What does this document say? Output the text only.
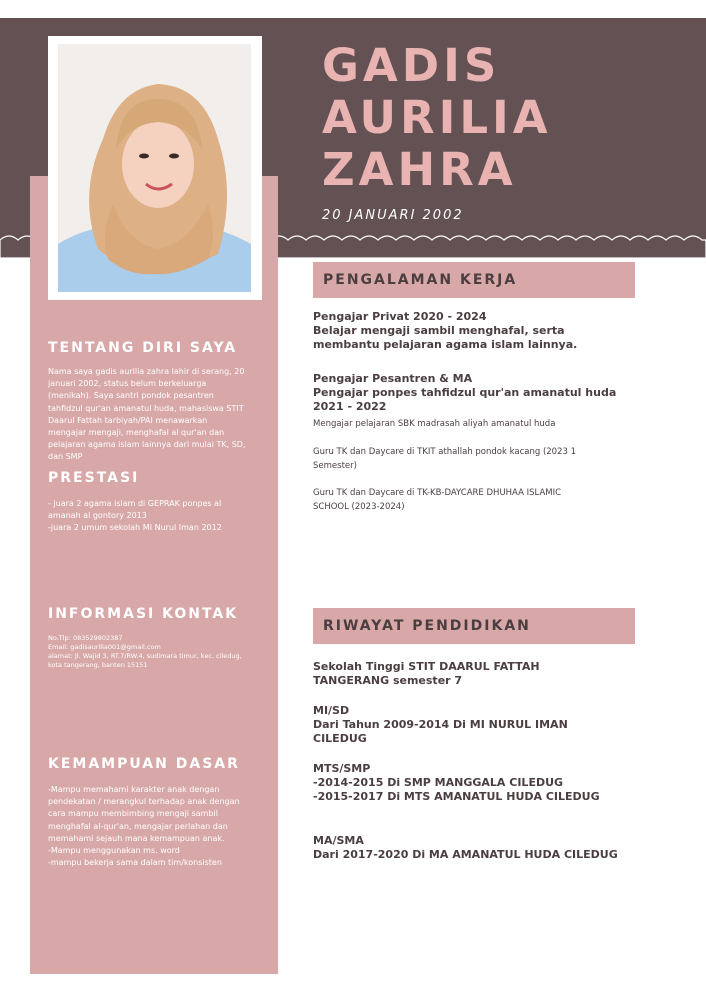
GADIS
AURILIA
ZAHRA
20 JANUARI 2002
TENTANG DIRI SAYA

Nama saya gadis aurilia zahra lahir di serang, 20
januari 2002, status belum berkeluarga
(menikah). Saya santri pondok pesantren
tahfidzul qur'an amanatul huda, mahasiswa STIT
Daarul Fattah tarbiyah/PAI menawarkan
mengajar mengaji, menghafal al qur'an dan
pelajaran agama islam lainnya dari mulai TK, SD,
dan SMP

PRESTASI

- juara 2 agama islam di GEPRAK ponpes al
amanah al gontory 2013
-juara 2 umum sekolah MI Nurul Iman 2012

INFORMASI KONTAK

No.Tlp: 083529802387
Email: gadisaurilia001@gmail.com
alamat: Jl. Wajid 3, RT.7/RW.4, sudimara timur, kec. ciledug,
kota tangerang, banten 15151

KEMAMPUAN DASAR

-Mampu memahami karakter anak dengan
pendekatan / merangkul terhadap anak dengan
cara mampu membimbing mengaji sambil
menghafal al-qur'an, mengajar perlahan dan
memahami sejauh mana kemampuan anak.
-Mampu menggunakan ms. word
-mampu bekerja sama dalam tim/konsisten

PENGALAMAN KERJA

Pengajar Privat 2020 - 2024
Belajar mengaji sambil menghafal, serta
membantu pelajaran agama islam lainnya.

Pengajar Pesantren & MA
Pengajar ponpes tahfidzul qur'an amanatul huda
2021 - 2022

Mengajar pelajaran SBK madrasah aliyah amanatul huda

Guru TK dan Daycare di TKIT athallah pondok kacang (2023 1
Semester)

Guru TK dan Daycare di TK-KB-DAYCARE DHUHAA ISLAMIC
SCHOOL (2023-2024)

RIWAYAT PENDIDIKAN

Sekolah Tinggi STIT DAARUL FATTAH
TANGERANG semester 7

MI/SD
Dari Tahun 2009-2014 Di MI NURUL IMAN
CILEDUG

MTS/SMP
-2014-2015 Di SMP MANGGALA CILEDUG
-2015-2017 Di MTS AMANATUL HUDA CILEDUG

MA/SMA
Dari 2017-2020 Di MA AMANATUL HUDA CILEDUG
